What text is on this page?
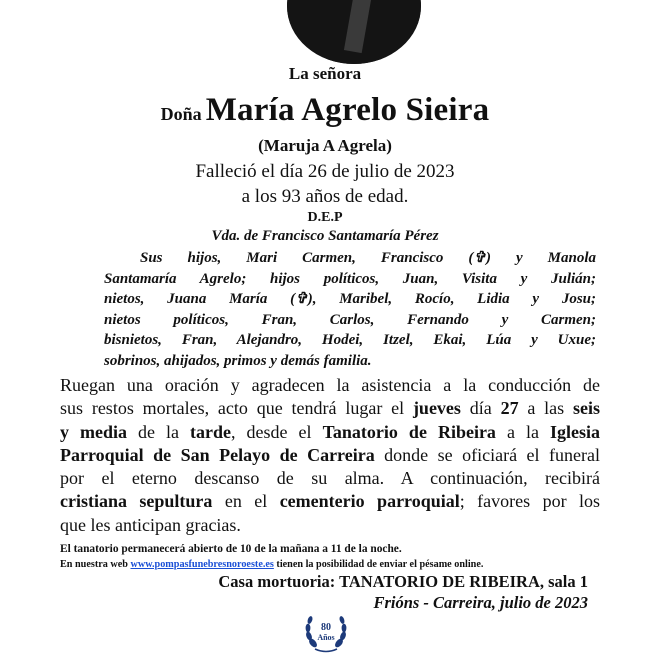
La señora
Doña María Agrelo Sieira
(Maruja A Agrela)
Falleció el día 26 de julio de 2023
a los 93 años de edad.
D.E.P
Vda. de Francisco Santamaría Pérez
Sus hijos, Mari Carmen, Francisco (✞) y Manola
Santamaría Agrelo; hijos políticos, Juan, Visita y Julián;
nietos, Juana María (✞), Maribel, Rocío, Lidia y Josu;
nietos políticos, Fran, Carlos, Fernando y Carmen;
bisnietos, Fran, Alejandro, Hodei, Itzel, Ekai, Lúa y Uxue;
sobrinos, ahijados, primos y demás familia.
Ruegan una oración y agradecen la asistencia a la conducción de
sus restos mortales, acto que tendrá lugar el jueves día 27 a las seis
y media de la tarde, desde el Tanatorio de Ribeira a la Iglesia
Parroquial de San Pelayo de Carreira donde se oficiará el funeral
por el eterno descanso de su alma. A continuación, recibirá
cristiana sepultura en el cementerio parroquial; favores por los
que les anticipan gracias.
El tanatorio permanecerá abierto de 10 de la mañana a 11 de la noche.
En nuestra web www.pompasfunebresnoroeste.es tienen la posibilidad de enviar el pésame online.
Casa mortuoria: TANATORIO DE RIBEIRA, sala 1
Frións - Carreira, julio de 2023
80
Años
